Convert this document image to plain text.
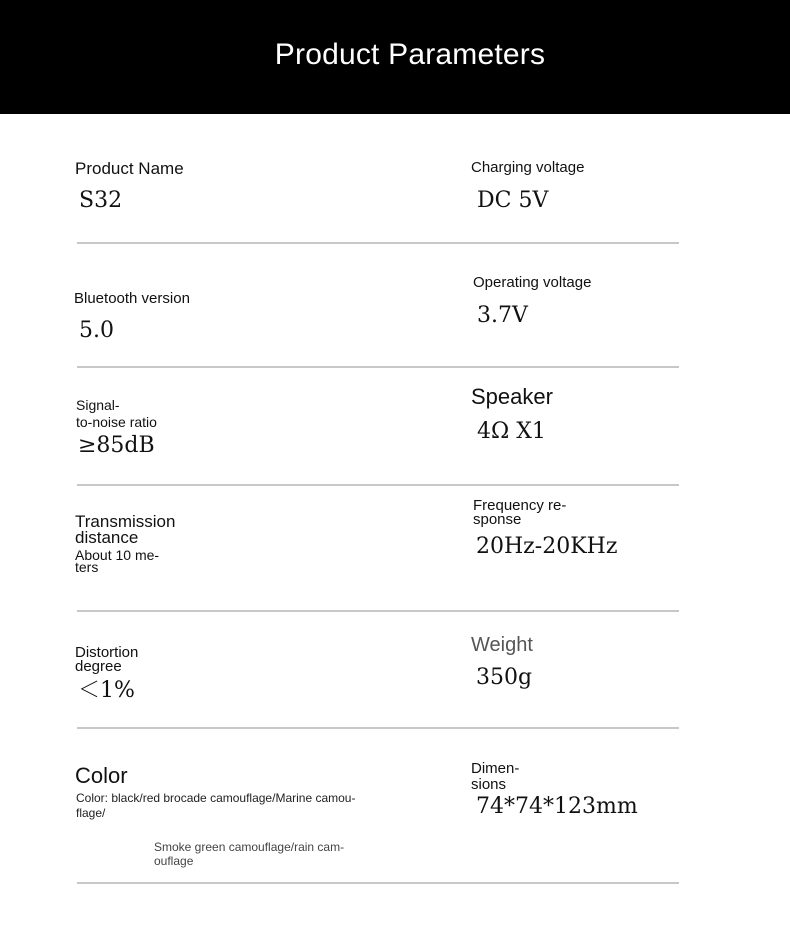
Product Parameters
Product Name
S32
Charging voltage
DC 5V
Bluetooth version
5.0
Operating voltage
3.7V
Signal-
to-noise ratio
≥85dB
Speaker
4Ω X1
Transmission
distance
About 10 me-
ters
Frequency re-
sponse
20Hz-20KHz
Distortion
degree
＜1%
Weight
350g
Color
Color: black/red brocade camouflage/Marine camou-
flage/
Smoke green camouflage/rain cam-
ouflage
Dimen-
sions
74*74*123mm
